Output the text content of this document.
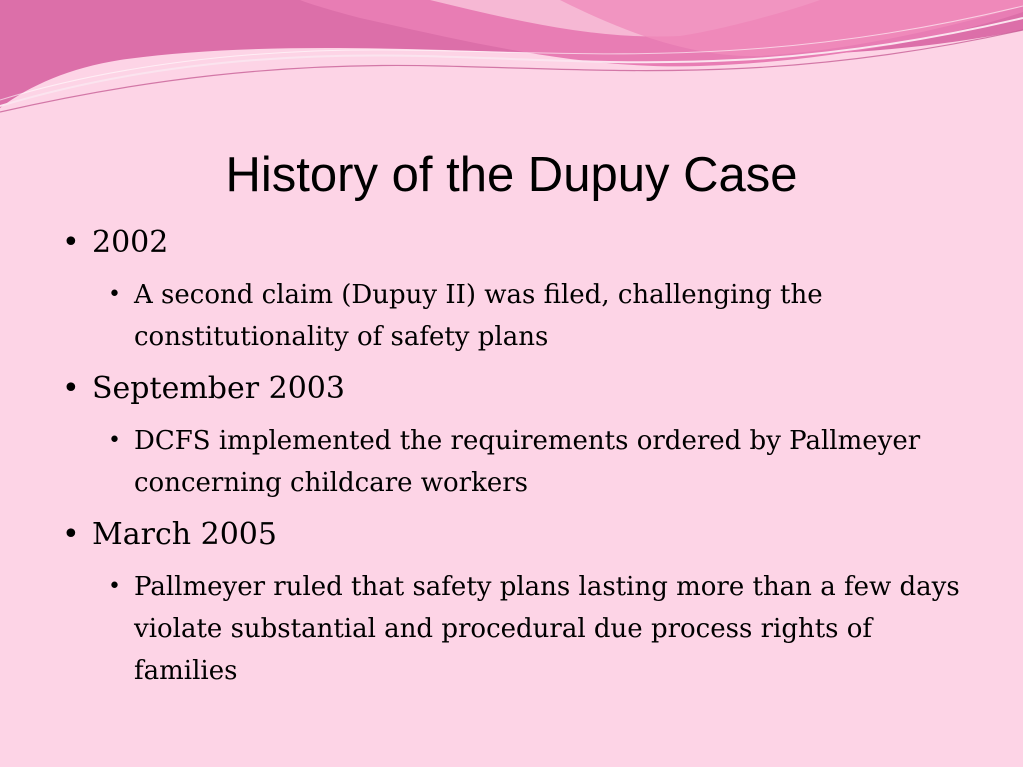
History of the Dupuy Case

• 2002

• A second claim (Dupuy II) was filed, challenging the constitutionality of safety plans

• September 2003

• DCFS implemented the requirements ordered by Pallmeyer concerning childcare workers

• March 2005

• Pallmeyer ruled that safety plans lasting more than a few days violate substantial and procedural due process rights of families
